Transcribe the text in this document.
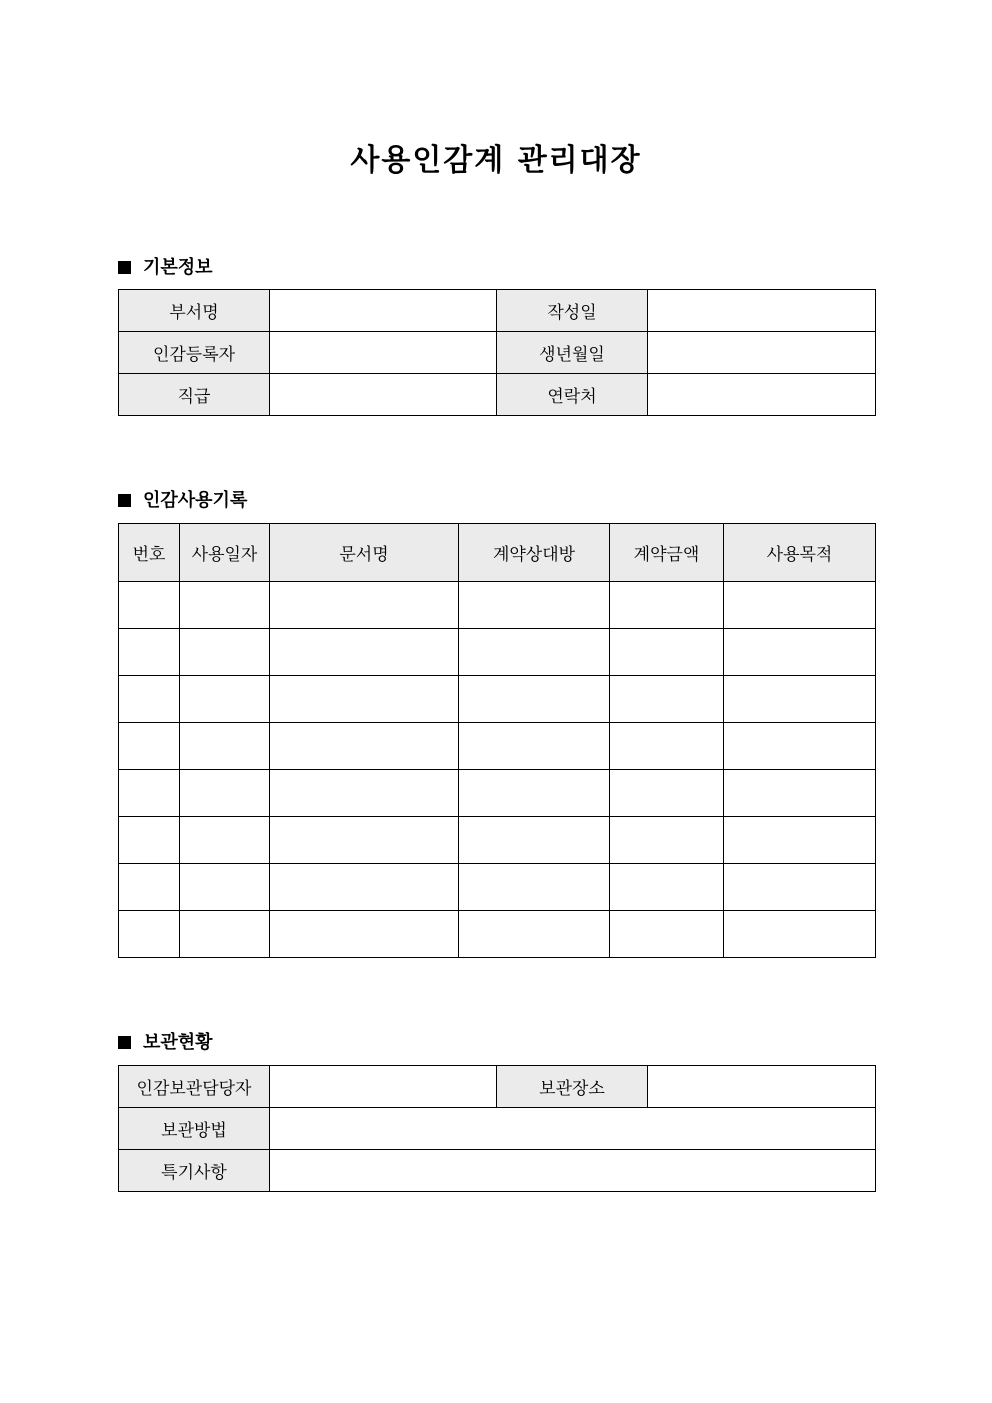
사용인감계 관리대장
기본정보
부서명		작성일	
인감등록자		생년월일	
직급		연락처	
인감사용기록
번호	사용일자	문서명	계약상대방	계약금액	사용목적

보관현황
인감보관담당자		보관장소	
보관방법			
특기사항			
